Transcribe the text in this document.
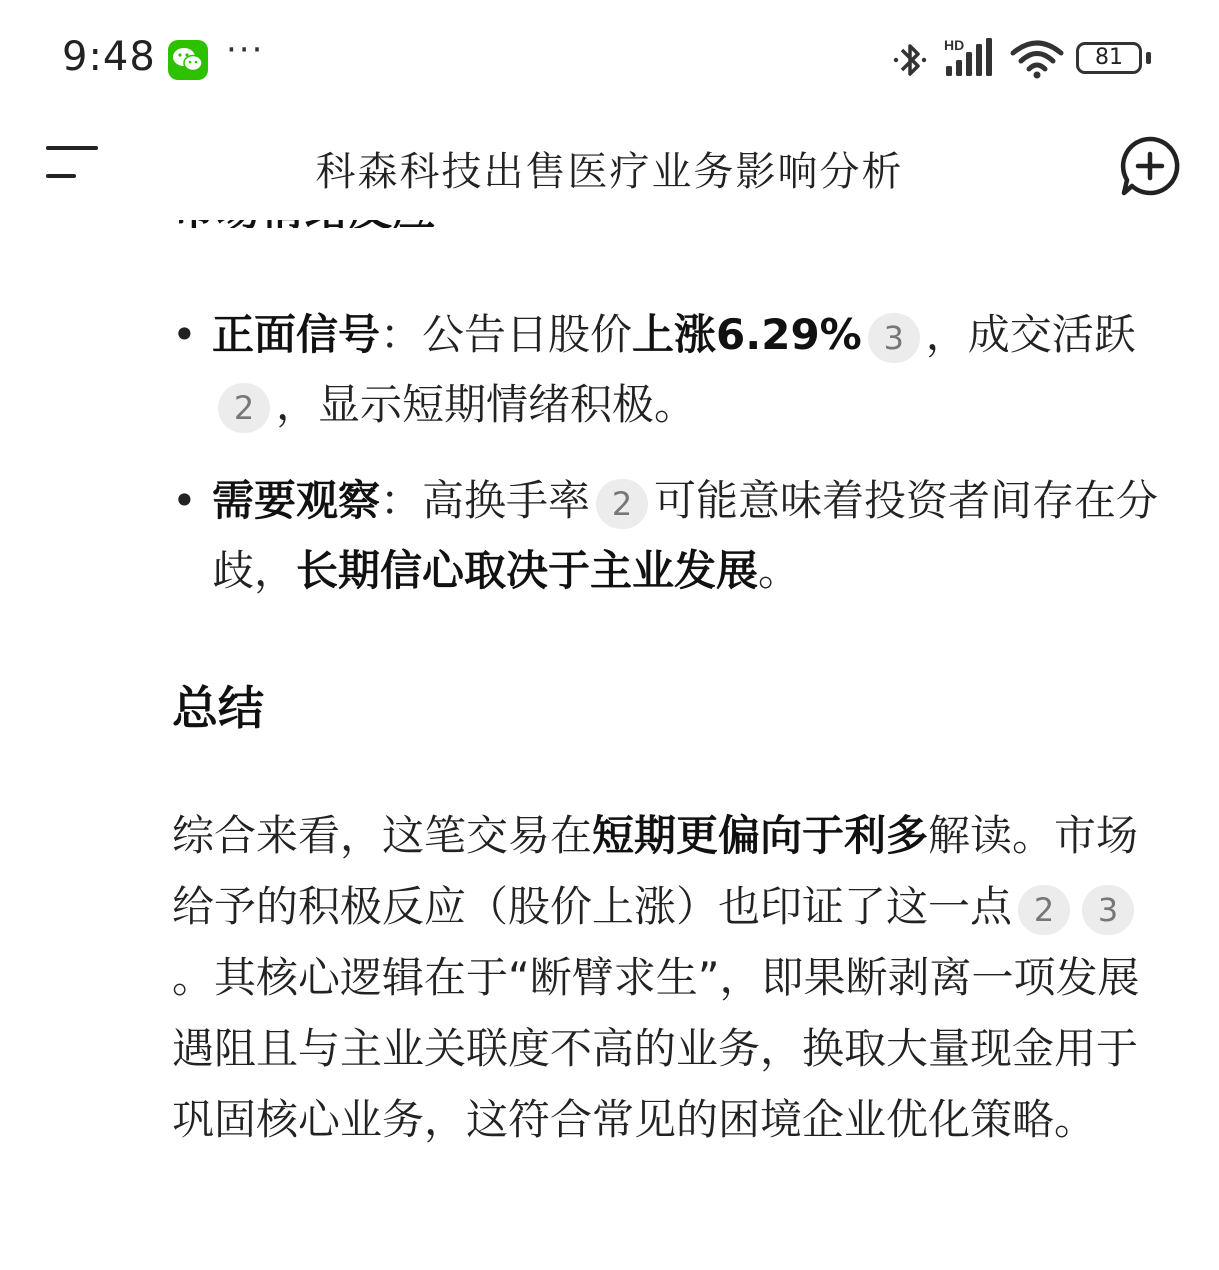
9:48 ···	HD	81
科森科技出售医疗业务影响分析
• 正面信号：公告日股价上涨6.29% 3 ，成交活跃2 ，显示短期情绪积极。
• 需要观察：高换手率 2 可能意味着投资者间存在分歧，长期信心取决于主业发展。
总结
综合来看，这笔交易在短期更偏向于利多解读。市场给予的积极反应（股价上涨）也印证了这一点 2 3。其核心逻辑在于“断臂求生”，即果断剥离一项发展遇阻且与主业关联度不高的业务，换取大量现金用于巩固核心业务，这符合常见的困境企业优化策略。
